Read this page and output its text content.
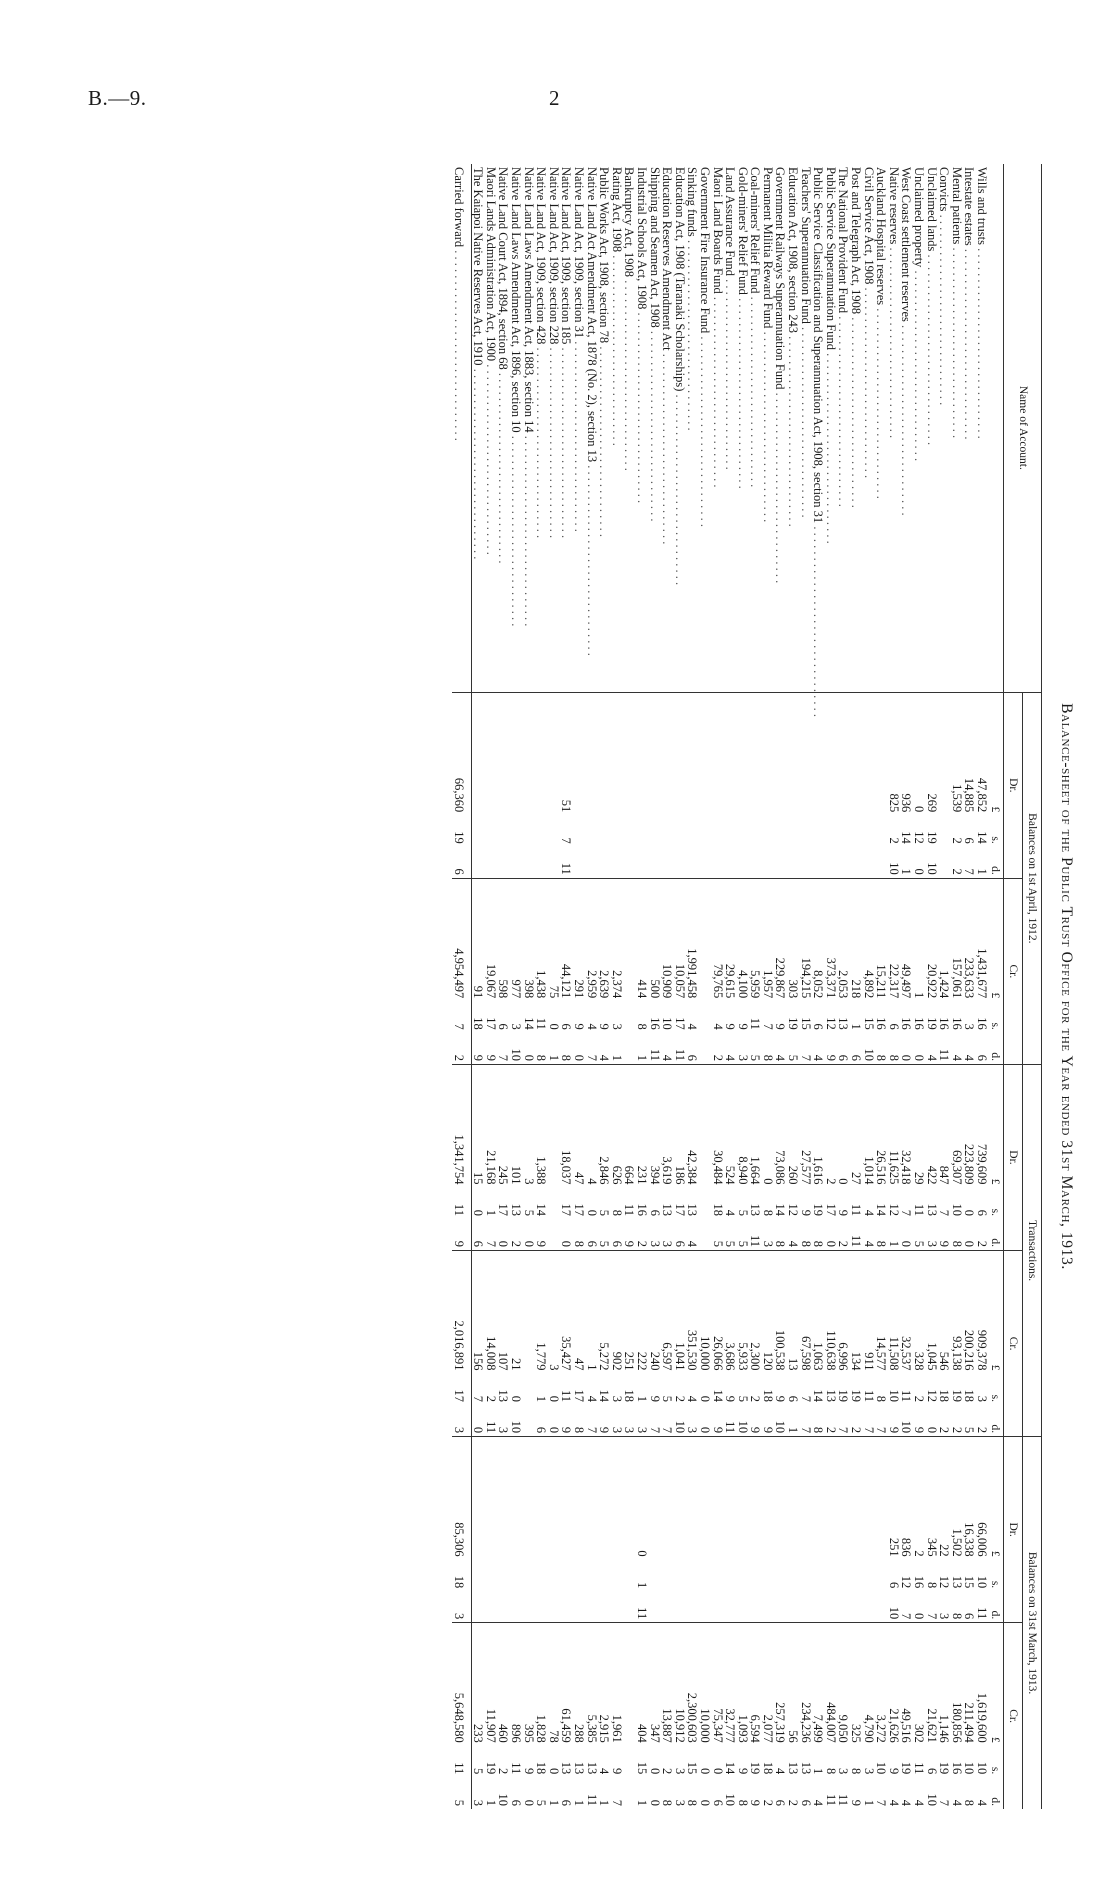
B.—9.	2
Balance-sheet of the Public Trust Office for the Year ended 31st March, 1913.
Name of Account.	Balances on 1st April, 1912.						Transactions.						Balances on 31st March, 1913.					
	Dr.			Cr.			Dr.			Cr.			Dr.			Cr.		
	£	s.	d.	£	s.	d.	£	s.	d.	£	s.	d.	£	s.	d.	£	s.	d.
Wills and trusts . . . . . . . . . . . . . . . . . . . . . . . . . . . . . . .	47,852	14	1	1,431,677	16	6	739,609	6	2	909,378	3	2	66,006	10	11	1,619,600	10	4
Intestate estates . . . . . . . . . . . . . . . . . . . . . . . . . . . . . . .	14,885	6	7	233,633	3	4	223,809	0	0	200,216	18	5	16,338	15	6	211,494	10	8
Mental patients . . . . . . . . . . . . . . . . . . . . . . . . . . . . . . .	1,539	2	2	157,061	16	4	69,307	10	8	93,138	19	2	1,502	13	8	180,856	16	4
Convicts . . . . . . . . . . . . . . . . . . . . . . . . . . . . . . .				1,424	16	11	847	7	9	546	18	2	22	12	3	1,146	19	7
Unclaimed lands . . . . . . . . . . . . . . . . . . . . . . . . . . . . . . .	269	19	10	20,922	19	4	422	13	3	1,045	12	0	345	8	7	21,621	6	10
Unclaimed property . . . . . . . . . . . . . . . . . . . . . . . . . . . . . . .	0	12	0	1	16	0	29	11	5	328	2	9	2	16	0	302	11	4
West Coast settlement reserves . . . . . . . . . . . . . . . . . . . . . . . . . . . . . . .	936	14	1	49,497	16	0	32,418	7	0	32,537	11	10	836	12	7	49,516	19	4
Native reserves . . . . . . . . . . . . . . . . . . . . . . . . . . . . . . .	825	2	10	22,317	6	8	11,625	12	1	11,508	10	9	251	6	10	21,626	9	4
Auckland Hospital reserves . . . . . . . . . . . . . . . . . . . . . . . . . . . . . . .				15,211	16	8	26,516	14	8	14,577	8	7				3,272	10	7
Civil Service Act, 1908 . . . . . . . . . . . . . . . . . . . . . . . . . . . . . . .				4,892	15	10	1,014	4	4	911	11	7				4,790	3	1
Post and Telegraph Act, 1908 . . . . . . . . . . . . . . . . . . . . . . . . . . . . . . .				218	1	6	27	11	11	134	19	2				325	8	9
The National Provident Fund . . . . . . . . . . . . . . . . . . . . . . . . . . . . . . .				2,053	13	6	0	9	2	6,996	19	7				9,050	3	11
Public Service Superannuation Fund . . . . . . . . . . . . . . . . . . . . . . . . . . . . . . .				373,371	12	9	2	17	0	110,638	13	2				484,007	8	11
Public Service Classification and Superannuation Act, 1908, section 31 . . . . . . . . . . . . . . . . . . . . . . . . . . . . . . .				8,052	6	4	1,616	19	8	1,063	14	8				7,499	1	4
Teachers' Superannuation Fund . . . . . . . . . . . . . . . . . . . . . . . . . . . . . . .				194,215	15	7	27,577	9	8	67,598	7	7				234,236	13	6
Education Act, 1908, section 243 . . . . . . . . . . . . . . . . . . . . . . . . . . . . . . .				303	19	5	260	12	4	13	6	1				56	13	2
Government Railways Superannuation Fund . . . . . . . . . . . . . . . . . . . . . . . . . . . . . . .				229,867	9	4	73,086	14	8	100,538	9	10				257,319	4	6
Permanent Militia Reward Fund . . . . . . . . . . . . . . . . . . . . . . . . . . . . . . .				1,957	7	8	0	8	3	120	18	9				2,077	18	2
Coal-miners' Relief Fund . . . . . . . . . . . . . . . . . . . . . . . . . . . . . . .				5,959	11	5	1,664	13	11	2,300	2	9				6,594	19	9
Gold-miners' Relief Fund . . . . . . . . . . . . . . . . . . . . . . . . . . . . . . .				4,100	9	3	8,940	5	5	5,933	5	10				1,093	9	8
Land Assurance Fund . . . . . . . . . . . . . . . . . . . . . . . . . . . . . . .				29,615	9	4	524	4	5	3,686	9	11				32,777	14	10
Maori Land Boards Fund . . . . . . . . . . . . . . . . . . . . . . . . . . . . . . .				79,765	4	2	30,484	18	5	26,066	14	9				75,347	0	6
Government Fire Insurance Fund . . . . . . . . . . . . . . . . . . . . . . . . . . . . . . .										10,000	0	0				10,000	0	0
Sinking funds . . . . . . . . . . . . . . . . . . . . . . . . . . . . . . .				1,991,458	4	6	42,384	13	4	351,530	4	3				2,300,603	15	8
Education Act, 1908 (Taranaki Scholarships) . . . . . . . . . . . . . . . . . . . . . . . . . . . . . . .				10,057	17	11	186	17	6	1,041	2	10				10,912	3	3
Education Reserves Amendment Act . . . . . . . . . . . . . . . . . . . . . . . . . . . . . . .				10,909	10	4	3,619	13	3	6,597	5	7				13,887	2	8
Shipping and Seamen Act, 1908 . . . . . . . . . . . . . . . . . . . . . . . . . . . . . . .				500	16	11	394	6	3	240	9	7				347	0	0
Industrial Schools Act, 1908 . . . . . . . . . . . . . . . . . . . . . . . . . . . . . . .				414	8	1	231	16	2	222	1	3	0	1	11	404	15	1
Bankruptcy Act, 1908 . . . . . . . . . . . . . . . . . . . . . . . . . . . . . . .							664	11	9	251	18	3						
Rating Act, 1908 . . . . . . . . . . . . . . . . . . . . . . . . . . . . . . .				2,374	3	1	626	8	6	902	3	3				1,961	9	7
Public Works Act, 1908, section 78 . . . . . . . . . . . . . . . . . . . . . . . . . . . . . . .				2,639	9	4	2,846	5	5	5,272	14	9				2,915	4	1
Native Land Act Amendment Act, 1878 (No. 2), section 13 . . . . . . . . . . . . . . . . . . . . . . . . . . . . . . .				2,959	4	7	4	0	6	1	4	7				5,385	13	11
Native Land Act, 1909, section 31 . . . . . . . . . . . . . . . . . . . . . . . . . . . . . . .				291	9	0	47	17	8	47	17	8				288	13	1
Native Land Act, 1909, section 185 . . . . . . . . . . . . . . . . . . . . . . . . . . . . . . .	51	7	11	44,121	6	8	18,037	17	0	35,427	11	9				61,459	13	6
Native Land Act, 1909, section 228 . . . . . . . . . . . . . . . . . . . . . . . . . . . . . . .				75	0	1				3	0	0				78	0	1
Native Land Act, 1909, section 428 . . . . . . . . . . . . . . . . . . . . . . . . . . . . . . .				1,438	11	8	1,388	14	9	1,779	1	6				1,828	18	5
Native Land Laws Amendment Act, 1883, section 14 . . . . . . . . . . . . . . . . . . . . . . . . . . . . . . .				398	14	0	3	5	0							395	9	0
Native Land Laws Amendment Act, 1896, section 10 . . . . . . . . . . . . . . . . . . . . . . . . . . . . . . .				977	3	10	101	13	2	21	0	10				896	11	6
Native Land Court Act, 1894, section 68 . . . . . . . . . . . . . . . . . . . . . . . . . . . . . . .				598	6	7	245	17	0	107	13	3				460	2	10
Maori Lands Administration Act, 1900 . . . . . . . . . . . . . . . . . . . . . . . . . . . . . . .				19,067	17	9	21,168	1	7	14,008	2	11				11,907	19	1
The Kaiapoi Native Reserves Act, 1910 . . . . . . . . . . . . . . . . . . . . . . . . . . . . . . .				91	18	9	15	0	6	156	7	0				233	5	3
Carried forward . . . . . . . . . . . . . . . . . . . . . . . . . . . . . . .	66,360	19	6	4,954,497	7	2	1,341,754	11	9	2,016,891	17	3	85,306	18	3	5,648,580	11	5
